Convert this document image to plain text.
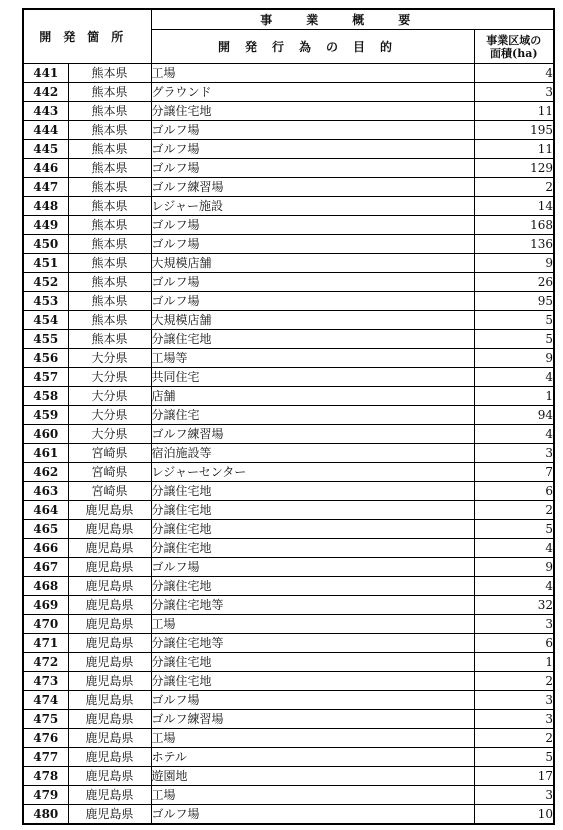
開発箇所		事業概要	
		開発行為の目的	事業区域の
面積(ha)

441	熊本県	工場	4
442	熊本県	グラウンド	3
443	熊本県	分譲住宅地	11
444	熊本県	ゴルフ場	195
445	熊本県	ゴルフ場	11
446	熊本県	ゴルフ場	129
447	熊本県	ゴルフ練習場	2
448	熊本県	レジャー施設	14
449	熊本県	ゴルフ場	168
450	熊本県	ゴルフ場	136
451	熊本県	大規模店舗	9
452	熊本県	ゴルフ場	26
453	熊本県	ゴルフ場	95
454	熊本県	大規模店舗	5
455	熊本県	分譲住宅地	5
456	大分県	工場等	9
457	大分県	共同住宅	4
458	大分県	店舗	1
459	大分県	分譲住宅	94
460	大分県	ゴルフ練習場	4
461	宮崎県	宿泊施設等	3
462	宮崎県	レジャーセンター	7
463	宮崎県	分譲住宅地	6
464	鹿児島県	分譲住宅地	2
465	鹿児島県	分譲住宅地	5
466	鹿児島県	分譲住宅地	4
467	鹿児島県	ゴルフ場	9
468	鹿児島県	分譲住宅地	4
469	鹿児島県	分譲住宅地等	32
470	鹿児島県	工場	3
471	鹿児島県	分譲住宅地等	6
472	鹿児島県	分譲住宅地	1
473	鹿児島県	分譲住宅地	2
474	鹿児島県	ゴルフ場	3
475	鹿児島県	ゴルフ練習場	3
476	鹿児島県	工場	2
477	鹿児島県	ホテル	5
478	鹿児島県	遊園地	17
479	鹿児島県	工場	3
480	鹿児島県	ゴルフ場	10
